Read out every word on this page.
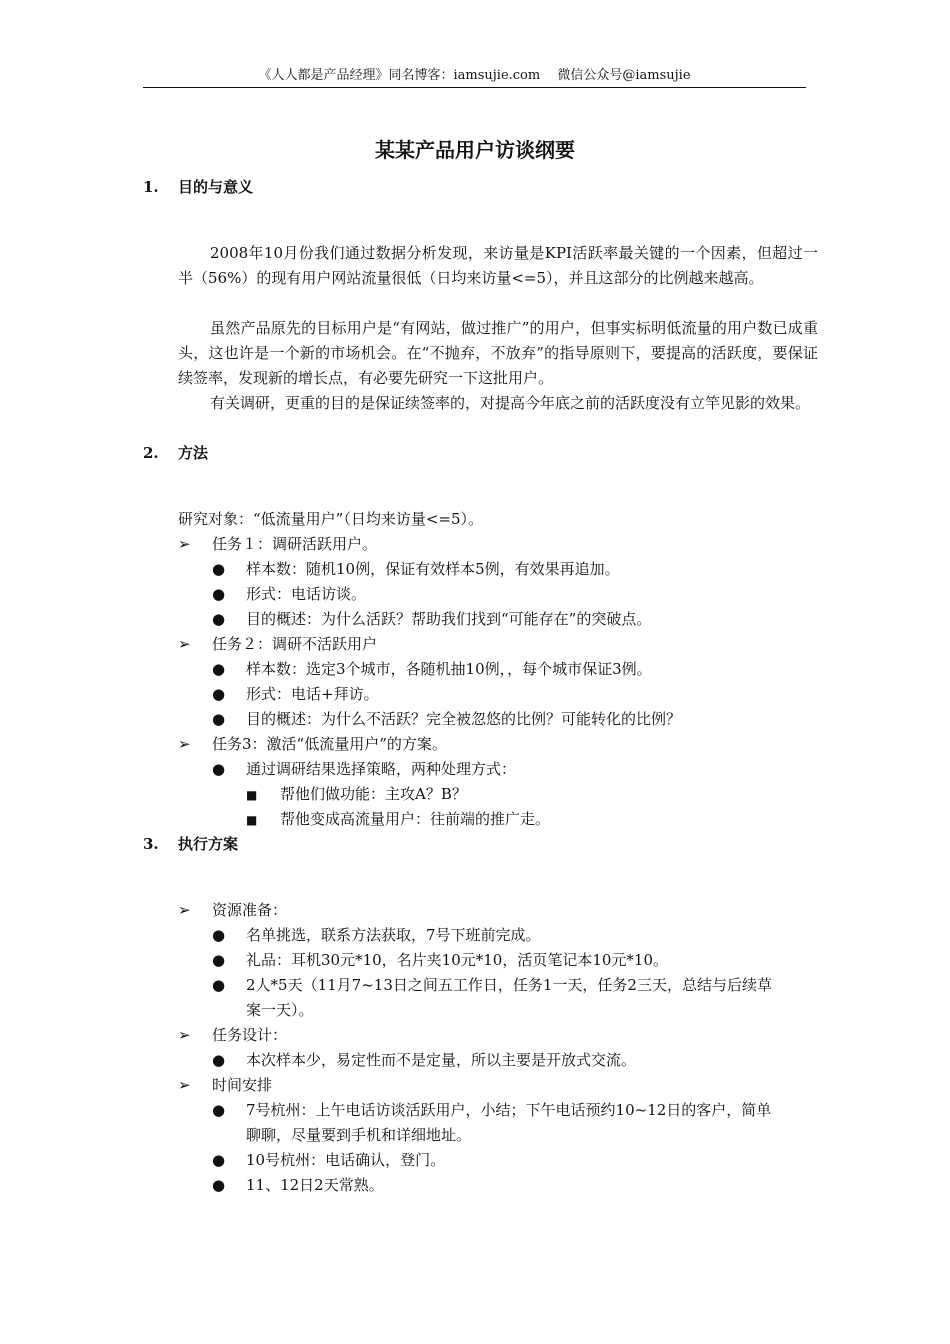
《人人都是产品经理》同名博客：iamsujie.com　 微信公众号@iamsujie
某某产品用户访谈纲要
1. 目的与意义

2008年10月份我们通过数据分析发现，来访量是KPI活跃率最关键的一个因素，但超过一半（56%）的现有用户网站流量很低（日均来访量<=5），并且这部分的比例越来越高。

虽然产品原先的目标用户是“有网站，做过推广”的用户，但事实标明低流量的用户数已成重头，这也许是一个新的市场机会。在“不抛弃，不放弃”的指导原则下，要提高的活跃度，要保证续签率，发现新的增长点，有必要先研究一下这批用户。

有关调研，更重的目的是保证续签率的，对提高今年底之前的活跃度没有立竿见影的效果。

2. 方法

研究对象：“低流量用户”（日均来访量<=5）。

➢ 任务１：调研活跃用户。
● 样本数：随机10例，保证有效样本5例，有效果再追加。
● 形式：电话访谈。
● 目的概述：为什么活跃？帮助我们找到“可能存在”的突破点。
➢ 任务２：调研不活跃用户
● 样本数：选定3个城市，各随机抽10例，，每个城市保证3例。
● 形式：电话+拜访。
● 目的概述：为什么不活跃？完全被忽悠的比例？可能转化的比例？
➢ 任务3：激活“低流量用户”的方案。
● 通过调研结果选择策略，两种处理方式：
■ 帮他们做功能：主攻A？B？
■ 帮他变成高流量用户：往前端的推广走。
3. 执行方案
➢ 资源准备：
● 名单挑选，联系方法获取，7号下班前完成。
● 礼品：耳机30元*10，名片夹10元*10，活页笔记本10元*10。
● 2人*5天（11月7~13日之间五工作日，任务1一天，任务2三天，总结与后续草案一天）。
➢ 任务设计：
● 本次样本少，易定性而不是定量，所以主要是开放式交流。
➢ 时间安排
● 7号杭州：上午电话访谈活跃用户，小结；下午电话预约10~12日的客户，简单聊聊，尽量要到手机和详细地址。
● 10号杭州：电话确认，登门。
● 11、12日2天常熟。
